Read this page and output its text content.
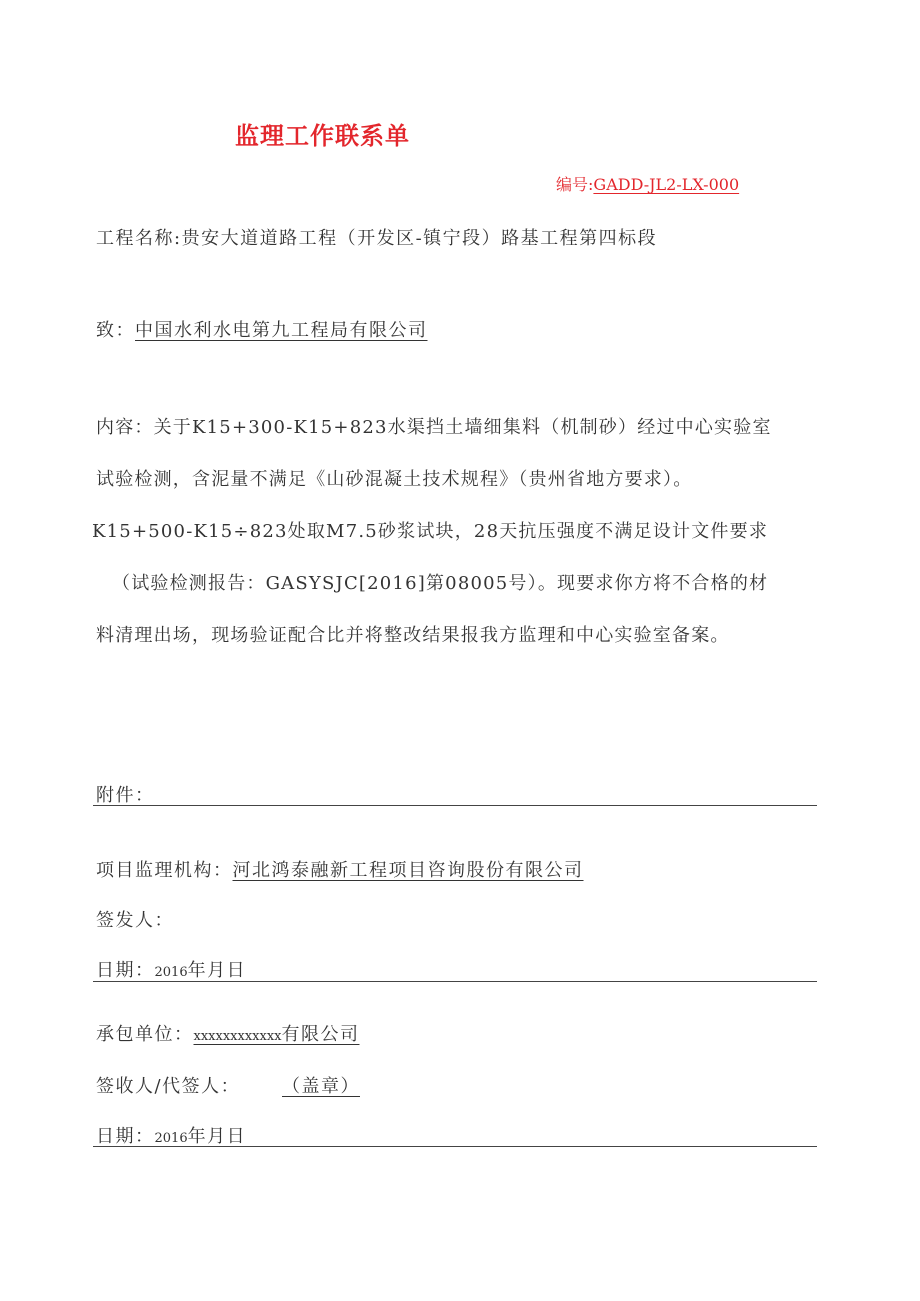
监理工作联系单
编号:GADD-JL2-LX-000
工程名称:贵安大道道路工程（开发区-镇宁段）路基工程第四标段
致：中国水利水电第九工程局有限公司

内容：关于K15+300-K15+823水渠挡土墙细集料（机制砂）经过中心实验室

试验检测，含泥量不满足《山砂混凝土技术规程》（贵州省地方要求）。

K15+500-K15÷823处取M7.5砂浆试块，28天抗压强度不满足设计文件要求

（试验检测报告：GASYSJC[2016]第08005号）。现要求你方将不合格的材

料清理出场，现场验证配合比并将整改结果报我方监理和中心实验室备案。

附件：
项目监理机构：河北鸿泰融新工程项目咨询股份有限公司
签发人：
日期：2016年月日
承包单位：xxxxxxxxxxxx有限公司
签收人/代签人： （盖章）
日期：2016年月日
